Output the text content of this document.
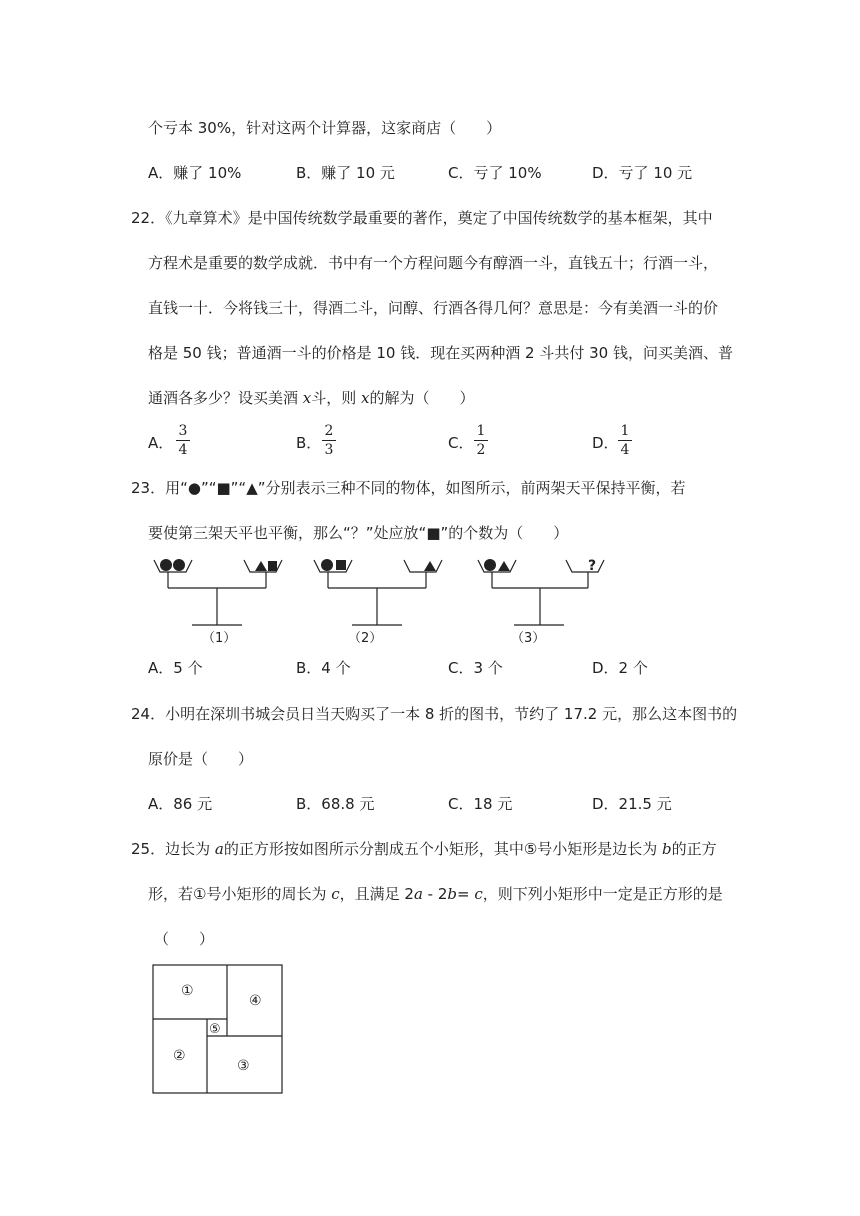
个亏本 30%，针对这两个计算器，这家商店（　　）
A．赚了 10%	B．赚了 10 元	C．亏了 10%	D．亏了 10 元
22．《九章算术》是中国传统数学最重要的著作，奠定了中国传统数学的基本框架，其中
方程术是重要的数学成就．书中有一个方程问题今有醇酒一斗，直钱五十；行酒一斗，
直钱一十．今将钱三十，得酒二斗，问醇、行酒各得几何？意思是：今有美酒一斗的价
格是 50 钱；普通酒一斗的价格是 10 钱．现在买两种酒 2 斗共付 30 钱，问买美酒、普
通酒各多少？设买美酒 x斗，则 x的解为（　　）
A． $\frac{3}{4}$	B． $\frac{2}{3}$	C． $\frac{1}{2}$	D． $\frac{1}{4}$
23．用“●”“■”“▲”分别表示三种不同的物体，如图所示，前两架天平保持平衡，若
要使第三架天平也平衡，那么“？”处应放“■”的个数为（　　）
（1）	（2）
?
（3）
A．5 个	B．4 个	C．3 个	D．2 个
24．小明在深圳书城会员日当天购买了一本 8 折的图书，节约了 17.2 元，那么这本图书的
原价是（　　）
A．86 元	B．68.8 元	C．18 元	D．21.5 元
25．边长为 a的正方形按如图所示分割成五个小矩形，其中⑤号小矩形是边长为 b的正方
形，若①号小矩形的周长为 c，且满足 2a - 2b= c，则下列小矩形中一定是正方形的是
（　　）
①
④
⑤
②
③
